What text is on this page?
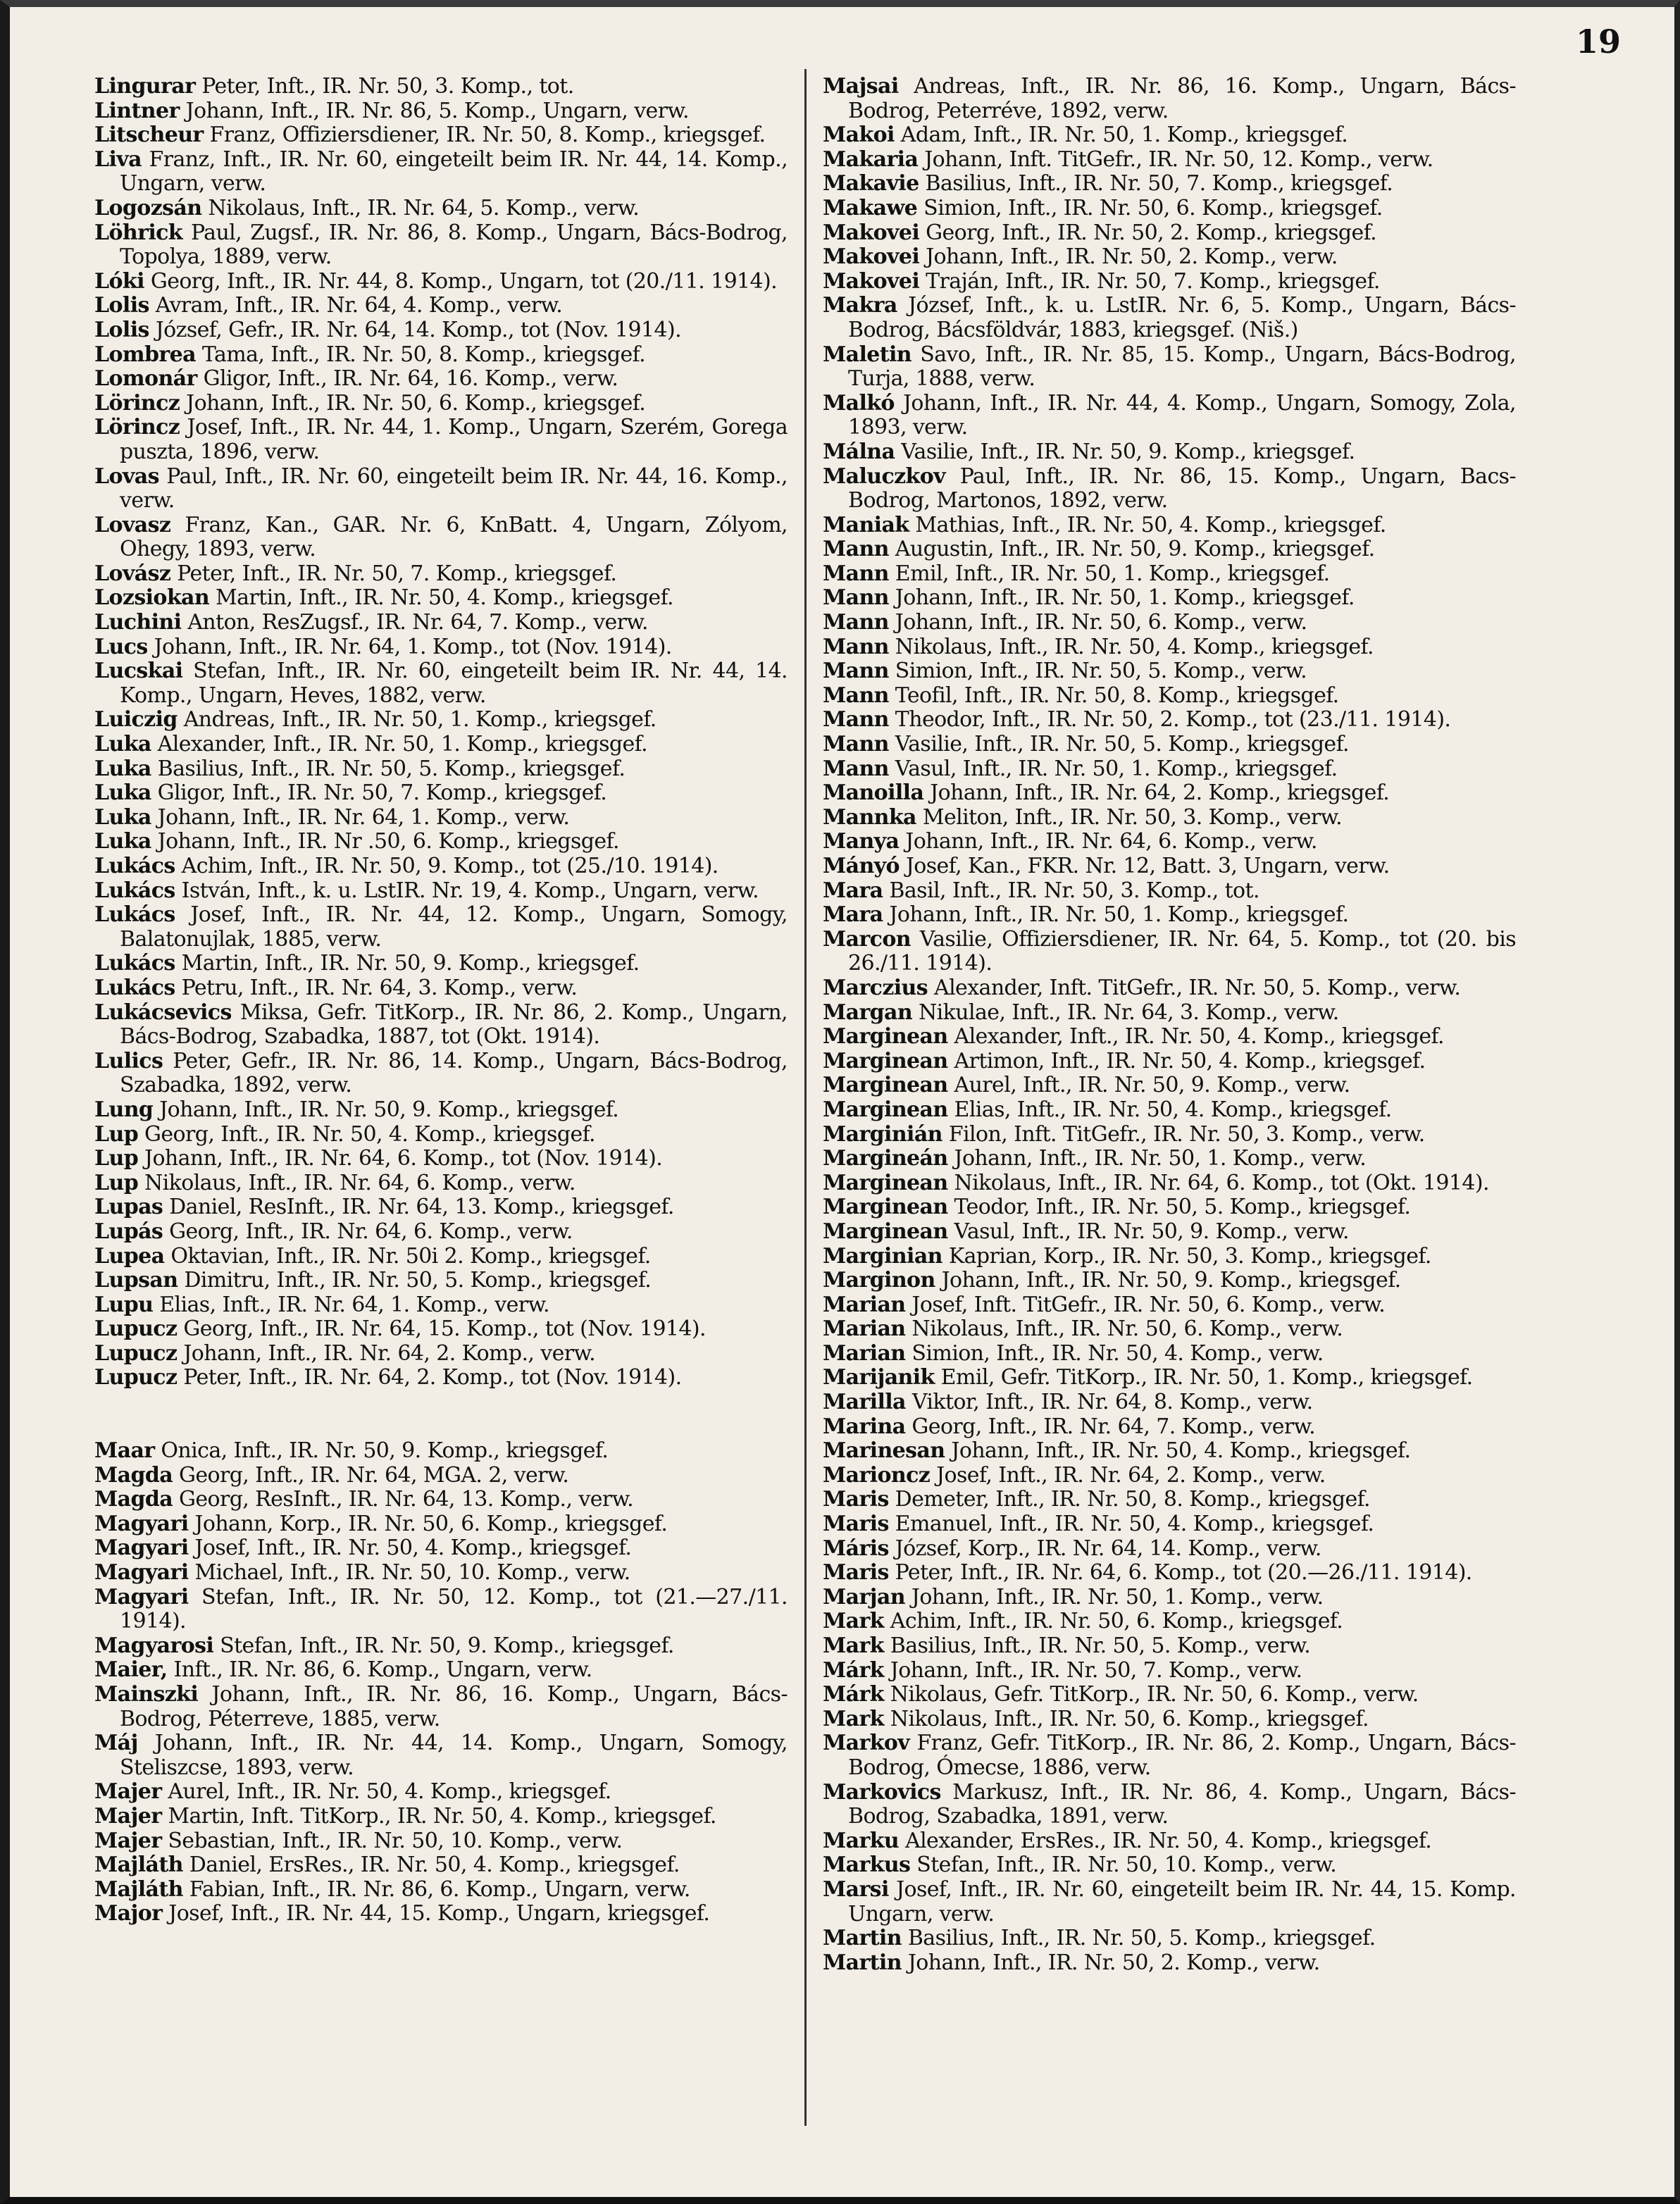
19

Lingurar Peter, Inft., IR. Nr. 50, 3. Komp., tot.

Lintner Johann, Inft., IR. Nr. 86, 5. Komp., Ungarn, verw.

Litscheur Franz, Offiziersdiener, IR. Nr. 50, 8. Komp., kriegsgef.

Liva Franz, Inft., IR. Nr. 60, eingeteilt beim IR. Nr. 44, 14. Komp., Ungarn, verw.

Logozsán Nikolaus, Inft., IR. Nr. 64, 5. Komp., verw.

Löhrick Paul, Zugsf., IR. Nr. 86, 8. Komp., Ungarn, Bács-Bodrog, Topolya, 1889, verw.

Lóki Georg, Inft., IR. Nr. 44, 8. Komp., Ungarn, tot (20./11. 1914).

Lolis Avram, Inft., IR. Nr. 64, 4. Komp., verw.

Lolis József, Gefr., IR. Nr. 64, 14. Komp., tot (Nov. 1914).

Lombrea Tama, Inft., IR. Nr. 50, 8. Komp., kriegsgef.

Lomonár Gligor, Inft., IR. Nr. 64, 16. Komp., verw.

Lörincz Johann, Inft., IR. Nr. 50, 6. Komp., kriegsgef.

Lörincz Josef, Inft., IR. Nr. 44, 1. Komp., Ungarn, Szerém, Gorega puszta, 1896, verw.

Lovas Paul, Inft., IR. Nr. 60, eingeteilt beim IR. Nr. 44, 16. Komp., verw.

Lovasz Franz, Kan., GAR. Nr. 6, KnBatt. 4, Ungarn, Zólyom, Ohegy, 1893, verw.

Lovász Peter, Inft., IR. Nr. 50, 7. Komp., kriegsgef.

Lozsiokan Martin, Inft., IR. Nr. 50, 4. Komp., kriegsgef.

Luchini Anton, ResZugsf., IR. Nr. 64, 7. Komp., verw.

Lucs Johann, Inft., IR. Nr. 64, 1. Komp., tot (Nov. 1914).

Lucskai Stefan, Inft., IR. Nr. 60, eingeteilt beim IR. Nr. 44, 14. Komp., Ungarn, Heves, 1882, verw.

Luiczig Andreas, Inft., IR. Nr. 50, 1. Komp., kriegsgef.

Luka Alexander, Inft., IR. Nr. 50, 1. Komp., kriegsgef.

Luka Basilius, Inft., IR. Nr. 50, 5. Komp., kriegsgef.

Luka Gligor, Inft., IR. Nr. 50, 7. Komp., kriegsgef.

Luka Johann, Inft., IR. Nr. 64, 1. Komp., verw.

Luka Johann, Inft., IR. Nr .50, 6. Komp., kriegsgef.

Lukács Achim, Inft., IR. Nr. 50, 9. Komp., tot (25./10. 1914).

Lukács István, Inft., k. u. LstIR. Nr. 19, 4. Komp., Ungarn, verw.

Lukács Josef, Inft., IR. Nr. 44, 12. Komp., Ungarn, Somogy, Balatonujlak, 1885, verw.

Lukács Martin, Inft., IR. Nr. 50, 9. Komp., kriegsgef.

Lukács Petru, Inft., IR. Nr. 64, 3. Komp., verw.

Lukácsevics Miksa, Gefr. TitKorp., IR. Nr. 86, 2. Komp., Ungarn, Bács-Bodrog, Szabadka, 1887, tot (Okt. 1914).

Lulics Peter, Gefr., IR. Nr. 86, 14. Komp., Ungarn, Bács-Bodrog, Szabadka, 1892, verw.

Lung Johann, Inft., IR. Nr. 50, 9. Komp., kriegsgef.

Lup Georg, Inft., IR. Nr. 50, 4. Komp., kriegsgef.

Lup Johann, Inft., IR. Nr. 64, 6. Komp., tot (Nov. 1914).

Lup Nikolaus, Inft., IR. Nr. 64, 6. Komp., verw.

Lupas Daniel, ResInft., IR. Nr. 64, 13. Komp., kriegsgef.

Lupás Georg, Inft., IR. Nr. 64, 6. Komp., verw.

Lupea Oktavian, Inft., IR. Nr. 50i 2. Komp., kriegsgef.

Lupsan Dimitru, Inft., IR. Nr. 50, 5. Komp., kriegsgef.

Lupu Elias, Inft., IR. Nr. 64, 1. Komp., verw.

Lupucz Georg, Inft., IR. Nr. 64, 15. Komp., tot (Nov. 1914).

Lupucz Johann, Inft., IR. Nr. 64, 2. Komp., verw.

Lupucz Peter, Inft., IR. Nr. 64, 2. Komp., tot (Nov. 1914).

Maar Onica, Inft., IR. Nr. 50, 9. Komp., kriegsgef.

Magda Georg, Inft., IR. Nr. 64, MGA. 2, verw.

Magda Georg, ResInft., IR. Nr. 64, 13. Komp., verw.

Magyari Johann, Korp., IR. Nr. 50, 6. Komp., kriegsgef.

Magyari Josef, Inft., IR. Nr. 50, 4. Komp., kriegsgef.

Magyari Michael, Inft., IR. Nr. 50, 10. Komp., verw.

Magyari Stefan, Inft., IR. Nr. 50, 12. Komp., tot (21.—27./11. 1914).

Magyarosi Stefan, Inft., IR. Nr. 50, 9. Komp., kriegsgef.

Maier, Inft., IR. Nr. 86, 6. Komp., Ungarn, verw.

Mainszki Johann, Inft., IR. Nr. 86, 16. Komp., Ungarn, Bács-Bodrog, Péterreve, 1885, verw.

Máj Johann, Inft., IR. Nr. 44, 14. Komp., Ungarn, Somogy, Steliszcse, 1893, verw.

Majer Aurel, Inft., IR. Nr. 50, 4. Komp., kriegsgef.

Majer Martin, Inft. TitKorp., IR. Nr. 50, 4. Komp., kriegsgef.

Majer Sebastian, Inft., IR. Nr. 50, 10. Komp., verw.

Majláth Daniel, ErsRes., IR. Nr. 50, 4. Komp., kriegsgef.

Majláth Fabian, Inft., IR. Nr. 86, 6. Komp., Ungarn, verw.

Major Josef, Inft., IR. Nr. 44, 15. Komp., Ungarn, kriegsgef.

Majsai Andreas, Inft., IR. Nr. 86, 16. Komp., Ungarn, Bács-Bodrog, Peterréve, 1892, verw.

Makoi Adam, Inft., IR. Nr. 50, 1. Komp., kriegsgef.

Makaria Johann, Inft. TitGefr., IR. Nr. 50, 12. Komp., verw.

Makavie Basilius, Inft., IR. Nr. 50, 7. Komp., kriegsgef.

Makawe Simion, Inft., IR. Nr. 50, 6. Komp., kriegsgef.

Makovei Georg, Inft., IR. Nr. 50, 2. Komp., kriegsgef.

Makovei Johann, Inft., IR. Nr. 50, 2. Komp., verw.

Makovei Traján, Inft., IR. Nr. 50, 7. Komp., kriegsgef.

Makra József, Inft., k. u. LstIR. Nr. 6, 5. Komp., Ungarn, Bács-Bodrog, Bácsföldvár, 1883, kriegsgef. (Niš.)

Maletin Savo, Inft., IR. Nr. 85, 15. Komp., Ungarn, Bács-Bodrog, Turja, 1888, verw.

Malkó Johann, Inft., IR. Nr. 44, 4. Komp., Ungarn, Somogy, Zola, 1893, verw.

Málna Vasilie, Inft., IR. Nr. 50, 9. Komp., kriegsgef.

Maluczkov Paul, Inft., IR. Nr. 86, 15. Komp., Ungarn, Bacs-Bodrog, Martonos, 1892, verw.

Maniak Mathias, Inft., IR. Nr. 50, 4. Komp., kriegsgef.

Mann Augustin, Inft., IR. Nr. 50, 9. Komp., kriegsgef.

Mann Emil, Inft., IR. Nr. 50, 1. Komp., kriegsgef.

Mann Johann, Inft., IR. Nr. 50, 1. Komp., kriegsgef.

Mann Johann, Inft., IR. Nr. 50, 6. Komp., verw.

Mann Nikolaus, Inft., IR. Nr. 50, 4. Komp., kriegsgef.

Mann Simion, Inft., IR. Nr. 50, 5. Komp., verw.

Mann Teofil, Inft., IR. Nr. 50, 8. Komp., kriegsgef.

Mann Theodor, Inft., IR. Nr. 50, 2. Komp., tot (23./11. 1914).

Mann Vasilie, Inft., IR. Nr. 50, 5. Komp., kriegsgef.

Mann Vasul, Inft., IR. Nr. 50, 1. Komp., kriegsgef.

Manoilla Johann, Inft., IR. Nr. 64, 2. Komp., kriegsgef.

Mannka Meliton, Inft., IR. Nr. 50, 3. Komp., verw.

Manya Johann, Inft., IR. Nr. 64, 6. Komp., verw.

Mányó Josef, Kan., FKR. Nr. 12, Batt. 3, Ungarn, verw.

Mara Basil, Inft., IR. Nr. 50, 3. Komp., tot.

Mara Johann, Inft., IR. Nr. 50, 1. Komp., kriegsgef.

Marcon Vasilie, Offiziersdiener, IR. Nr. 64, 5. Komp., tot (20. bis 26./11. 1914).

Marczius Alexander, Inft. TitGefr., IR. Nr. 50, 5. Komp., verw.

Margan Nikulae, Inft., IR. Nr. 64, 3. Komp., verw.

Marginean Alexander, Inft., IR. Nr. 50, 4. Komp., kriegsgef.

Marginean Artimon, Inft., IR. Nr. 50, 4. Komp., kriegsgef.

Marginean Aurel, Inft., IR. Nr. 50, 9. Komp., verw.

Marginean Elias, Inft., IR. Nr. 50, 4. Komp., kriegsgef.

Marginián Filon, Inft. TitGefr., IR. Nr. 50, 3. Komp., verw.

Margineán Johann, Inft., IR. Nr. 50, 1. Komp., verw.

Marginean Nikolaus, Inft., IR. Nr. 64, 6. Komp., tot (Okt. 1914).

Marginean Teodor, Inft., IR. Nr. 50, 5. Komp., kriegsgef.

Marginean Vasul, Inft., IR. Nr. 50, 9. Komp., verw.

Marginian Kaprian, Korp., IR. Nr. 50, 3. Komp., kriegsgef.

Marginon Johann, Inft., IR. Nr. 50, 9. Komp., kriegsgef.

Marian Josef, Inft. TitGefr., IR. Nr. 50, 6. Komp., verw.

Marian Nikolaus, Inft., IR. Nr. 50, 6. Komp., verw.

Marian Simion, Inft., IR. Nr. 50, 4. Komp., verw.

Marijanik Emil, Gefr. TitKorp., IR. Nr. 50, 1. Komp., kriegsgef.

Marilla Viktor, Inft., IR. Nr. 64, 8. Komp., verw.

Marina Georg, Inft., IR. Nr. 64, 7. Komp., verw.

Marinesan Johann, Inft., IR. Nr. 50, 4. Komp., kriegsgef.

Marioncz Josef, Inft., IR. Nr. 64, 2. Komp., verw.

Maris Demeter, Inft., IR. Nr. 50, 8. Komp., kriegsgef.

Maris Emanuel, Inft., IR. Nr. 50, 4. Komp., kriegsgef.

Máris József, Korp., IR. Nr. 64, 14. Komp., verw.

Maris Peter, Inft., IR. Nr. 64, 6. Komp., tot (20.—26./11. 1914).

Marjan Johann, Inft., IR. Nr. 50, 1. Komp., verw.

Mark Achim, Inft., IR. Nr. 50, 6. Komp., kriegsgef.

Mark Basilius, Inft., IR. Nr. 50, 5. Komp., verw.

Márk Johann, Inft., IR. Nr. 50, 7. Komp., verw.

Márk Nikolaus, Gefr. TitKorp., IR. Nr. 50, 6. Komp., verw.

Mark Nikolaus, Inft., IR. Nr. 50, 6. Komp., kriegsgef.

Markov Franz, Gefr. TitKorp., IR. Nr. 86, 2. Komp., Ungarn, Bács-Bodrog, Ómecse, 1886, verw.

Markovics Markusz, Inft., IR. Nr. 86, 4. Komp., Ungarn, Bács-Bodrog, Szabadka, 1891, verw.

Marku Alexander, ErsRes., IR. Nr. 50, 4. Komp., kriegsgef.

Markus Stefan, Inft., IR. Nr. 50, 10. Komp., verw.

Marsi Josef, Inft., IR. Nr. 60, eingeteilt beim IR. Nr. 44, 15. Komp. Ungarn, verw.

Martin Basilius, Inft., IR. Nr. 50, 5. Komp., kriegsgef.

Martin Johann, Inft., IR. Nr. 50, 2. Komp., verw.
